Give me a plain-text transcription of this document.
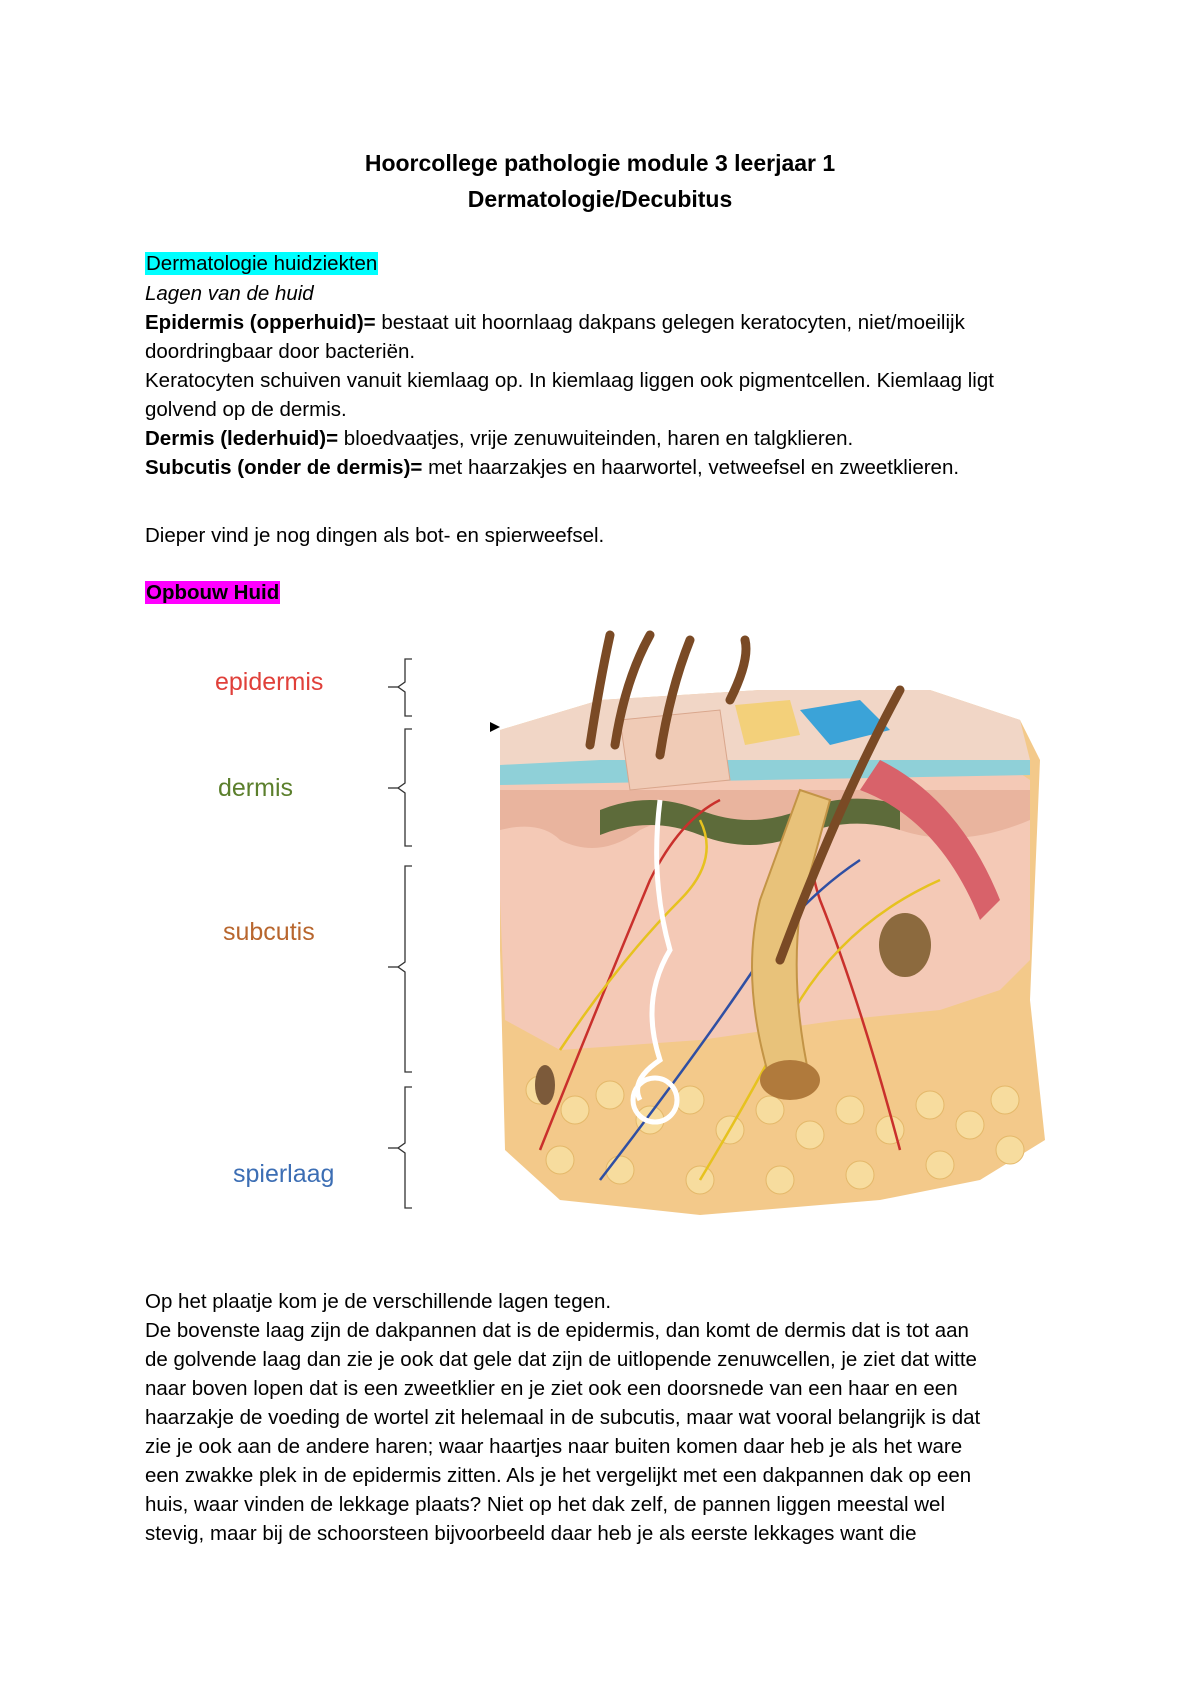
Hoorcollege pathologie module 3 leerjaar 1
Dermatologie/Decubitus
Dermatologie huidziekten
Lagen van de huid
Epidermis (opperhuid)= bestaat uit hoornlaag dakpans gelegen keratocyten, niet/moeilijk
doordringbaar door bacteriën.
Keratocyten schuiven vanuit kiemlaag op. In kiemlaag liggen ook pigmentcellen. Kiemlaag ligt
golvend op de dermis.
Dermis (lederhuid)= bloedvaatjes, vrije zenuwuiteinden, haren en talgklieren.
Subcutis (onder de dermis)= met haarzakjes en haarwortel, vetweefsel en zweetklieren.
Dieper vind je nog dingen als bot- en spierweefsel.
Opbouw Huid
epidermis
dermis
subcutis
spierlaag
Op het plaatje kom je de verschillende lagen tegen.
De bovenste laag zijn de dakpannen dat is de epidermis, dan komt de dermis dat is tot aan
de golvende laag dan zie je ook dat gele dat zijn de uitlopende zenuwcellen, je ziet dat witte
naar boven lopen dat is een zweetklier en je ziet ook een doorsnede van een haar en een
haarzakje de voeding de wortel zit helemaal in de subcutis, maar wat vooral belangrijk is dat
zie je ook aan de andere haren; waar haartjes naar buiten komen daar heb je als het ware
een zwakke plek in de epidermis zitten. Als je het vergelijkt met een dakpannen dak op een
huis, waar vinden de lekkage plaats? Niet op het dak zelf, de pannen liggen meestal wel
stevig, maar bij de schoorsteen bijvoorbeeld daar heb je als eerste lekkages want die
